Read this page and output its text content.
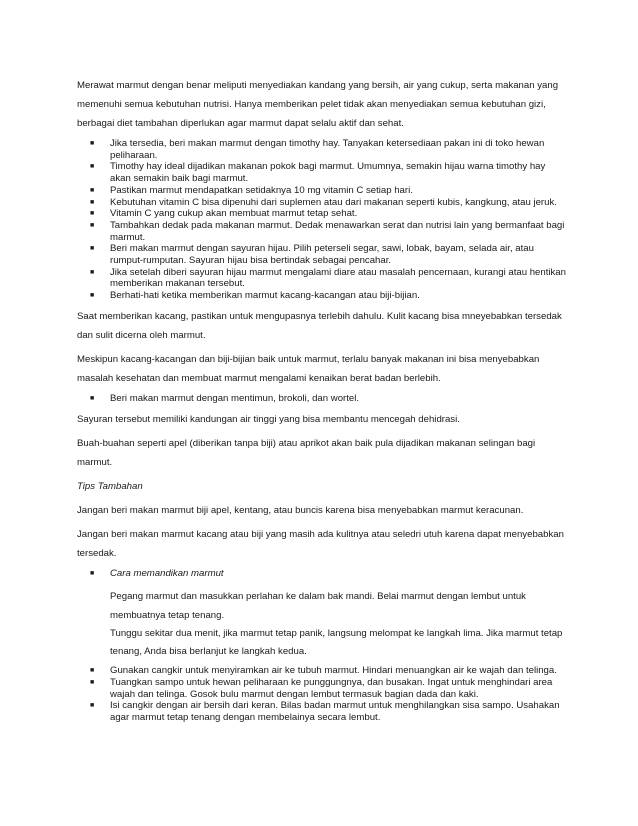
Merawat marmut dengan benar meliputi menyediakan kandang yang bersih, air yang cukup, serta makanan yang memenuhi semua kebutuhan nutrisi. Hanya memberikan pelet tidak akan menyediakan semua kebutuhan gizi, berbagai diet tambahan diperlukan agar marmut dapat selalu aktif dan sehat.

■ Jika tersedia, beri makan marmut dengan timothy hay. Tanyakan ketersediaan pakan ini di toko hewan peliharaan.
■ Timothy hay ideal dijadikan makanan pokok bagi marmut. Umumnya, semakin hijau warna timothy hay akan semakin baik bagi marmut.
■ Pastikan marmut mendapatkan setidaknya 10 mg vitamin C setiap hari.
■ Kebutuhan vitamin C bisa dipenuhi dari suplemen atau dari makanan seperti kubis, kangkung, atau jeruk.
■ Vitamin C yang cukup akan membuat marmut tetap sehat.
■ Tambahkan dedak pada makanan marmut. Dedak menawarkan serat dan nutrisi lain yang bermanfaat bagi marmut.
■ Beri makan marmut dengan sayuran hijau. Pilih peterseli segar, sawi, lobak, bayam, selada air, atau rumput-rumputan. Sayuran hijau bisa bertindak sebagai pencahar.
■ Jika setelah diberi sayuran hijau marmut mengalami diare atau masalah pencernaan, kurangi atau hentikan memberikan makanan tersebut.
■ Berhati-hati ketika memberikan marmut kacang-kacangan atau biji-bijian.

Saat memberikan kacang, pastikan untuk mengupasnya terlebih dahulu. Kulit kacang bisa mneyebabkan tersedak dan sulit dicerna oleh marmut.

Meskipun kacang-kacangan dan biji-bijian baik untuk marmut, terlalu banyak makanan ini bisa menyebabkan masalah kesehatan dan membuat marmut mengalami kenaikan berat badan berlebih.

■ Beri makan marmut dengan mentimun, brokoli, dan wortel.

Sayuran tersebut memiliki kandungan air tinggi yang bisa membantu mencegah dehidrasi.

Buah-buahan seperti apel (diberikan tanpa biji) atau aprikot akan baik pula dijadikan makanan selingan bagi marmut.

Tips Tambahan

Jangan beri makan marmut biji apel, kentang, atau buncis karena bisa menyebabkan marmut keracunan.

Jangan beri makan marmut kacang atau biji yang masih ada kulitnya atau seledri utuh karena dapat menyebabkan tersedak.

■ Cara memandikan marmut

Pegang marmut dan masukkan perlahan ke dalam bak mandi. Belai marmut dengan lembut untuk membuatnya tetap tenang.

Tunggu sekitar dua menit, jika marmut tetap panik, langsung melompat ke langkah lima. Jika marmut tetap tenang, Anda bisa berlanjut ke langkah kedua.

■ Gunakan cangkir untuk menyiramkan air ke tubuh marmut. Hindari menuangkan air ke wajah dan telinga.
■ Tuangkan sampo untuk hewan peliharaan ke punggungnya, dan busakan. Ingat untuk menghindari area wajah dan telinga. Gosok bulu marmut dengan lembut termasuk bagian dada dan kaki.
■ Isi cangkir dengan air bersih dari keran. Bilas badan marmut untuk menghilangkan sisa sampo. Usahakan agar marmut tetap tenang dengan membelainya secara lembut.
